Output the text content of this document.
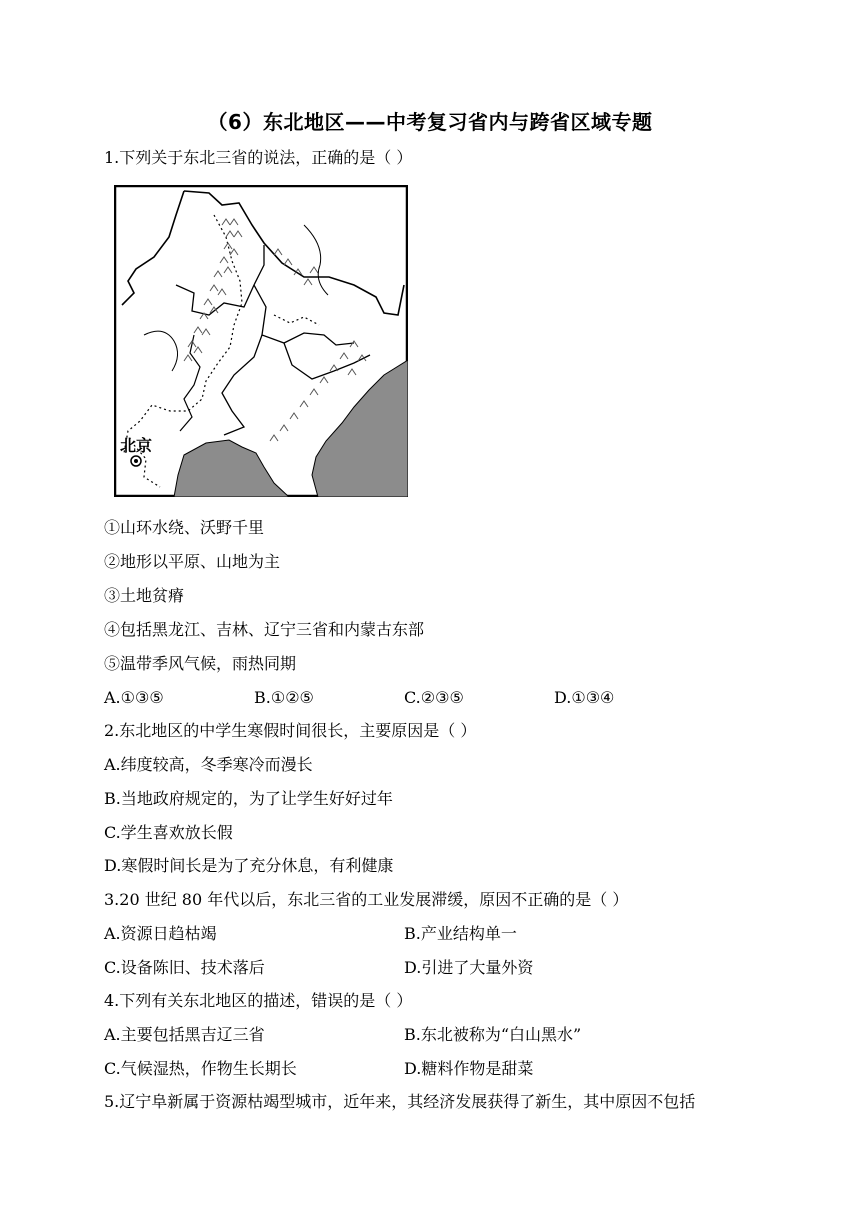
（6）东北地区——中考复习省内与跨省区域专题
1.下列关于东北三省的说法，正确的是（ ）
北京
①山环水绕、沃野千里
②地形以平原、山地为主
③土地贫瘠
④包括黑龙江、吉林、辽宁三省和内蒙古东部
⑤温带季风气候，雨热同期
A.①③⑤	B.①②⑤	C.②③⑤	D.①③④
2.东北地区的中学生寒假时间很长，主要原因是（ ）
A.纬度较高，冬季寒冷而漫长
B.当地政府规定的，为了让学生好好过年
C.学生喜欢放长假
D.寒假时间长是为了充分休息，有利健康
3.20 世纪 80 年代以后，东北三省的工业发展滞缓，原因不正确的是（ ）
A.资源日趋枯竭	B.产业结构单一
C.设备陈旧、技术落后	D.引进了大量外资
4.下列有关东北地区的描述，错误的是（ ）
A.主要包括黑吉辽三省	B.东北被称为“白山黑水”
C.气候湿热，作物生长期长	D.糖料作物是甜菜
5.辽宁阜新属于资源枯竭型城市，近年来，其经济发展获得了新生，其中原因不包括
